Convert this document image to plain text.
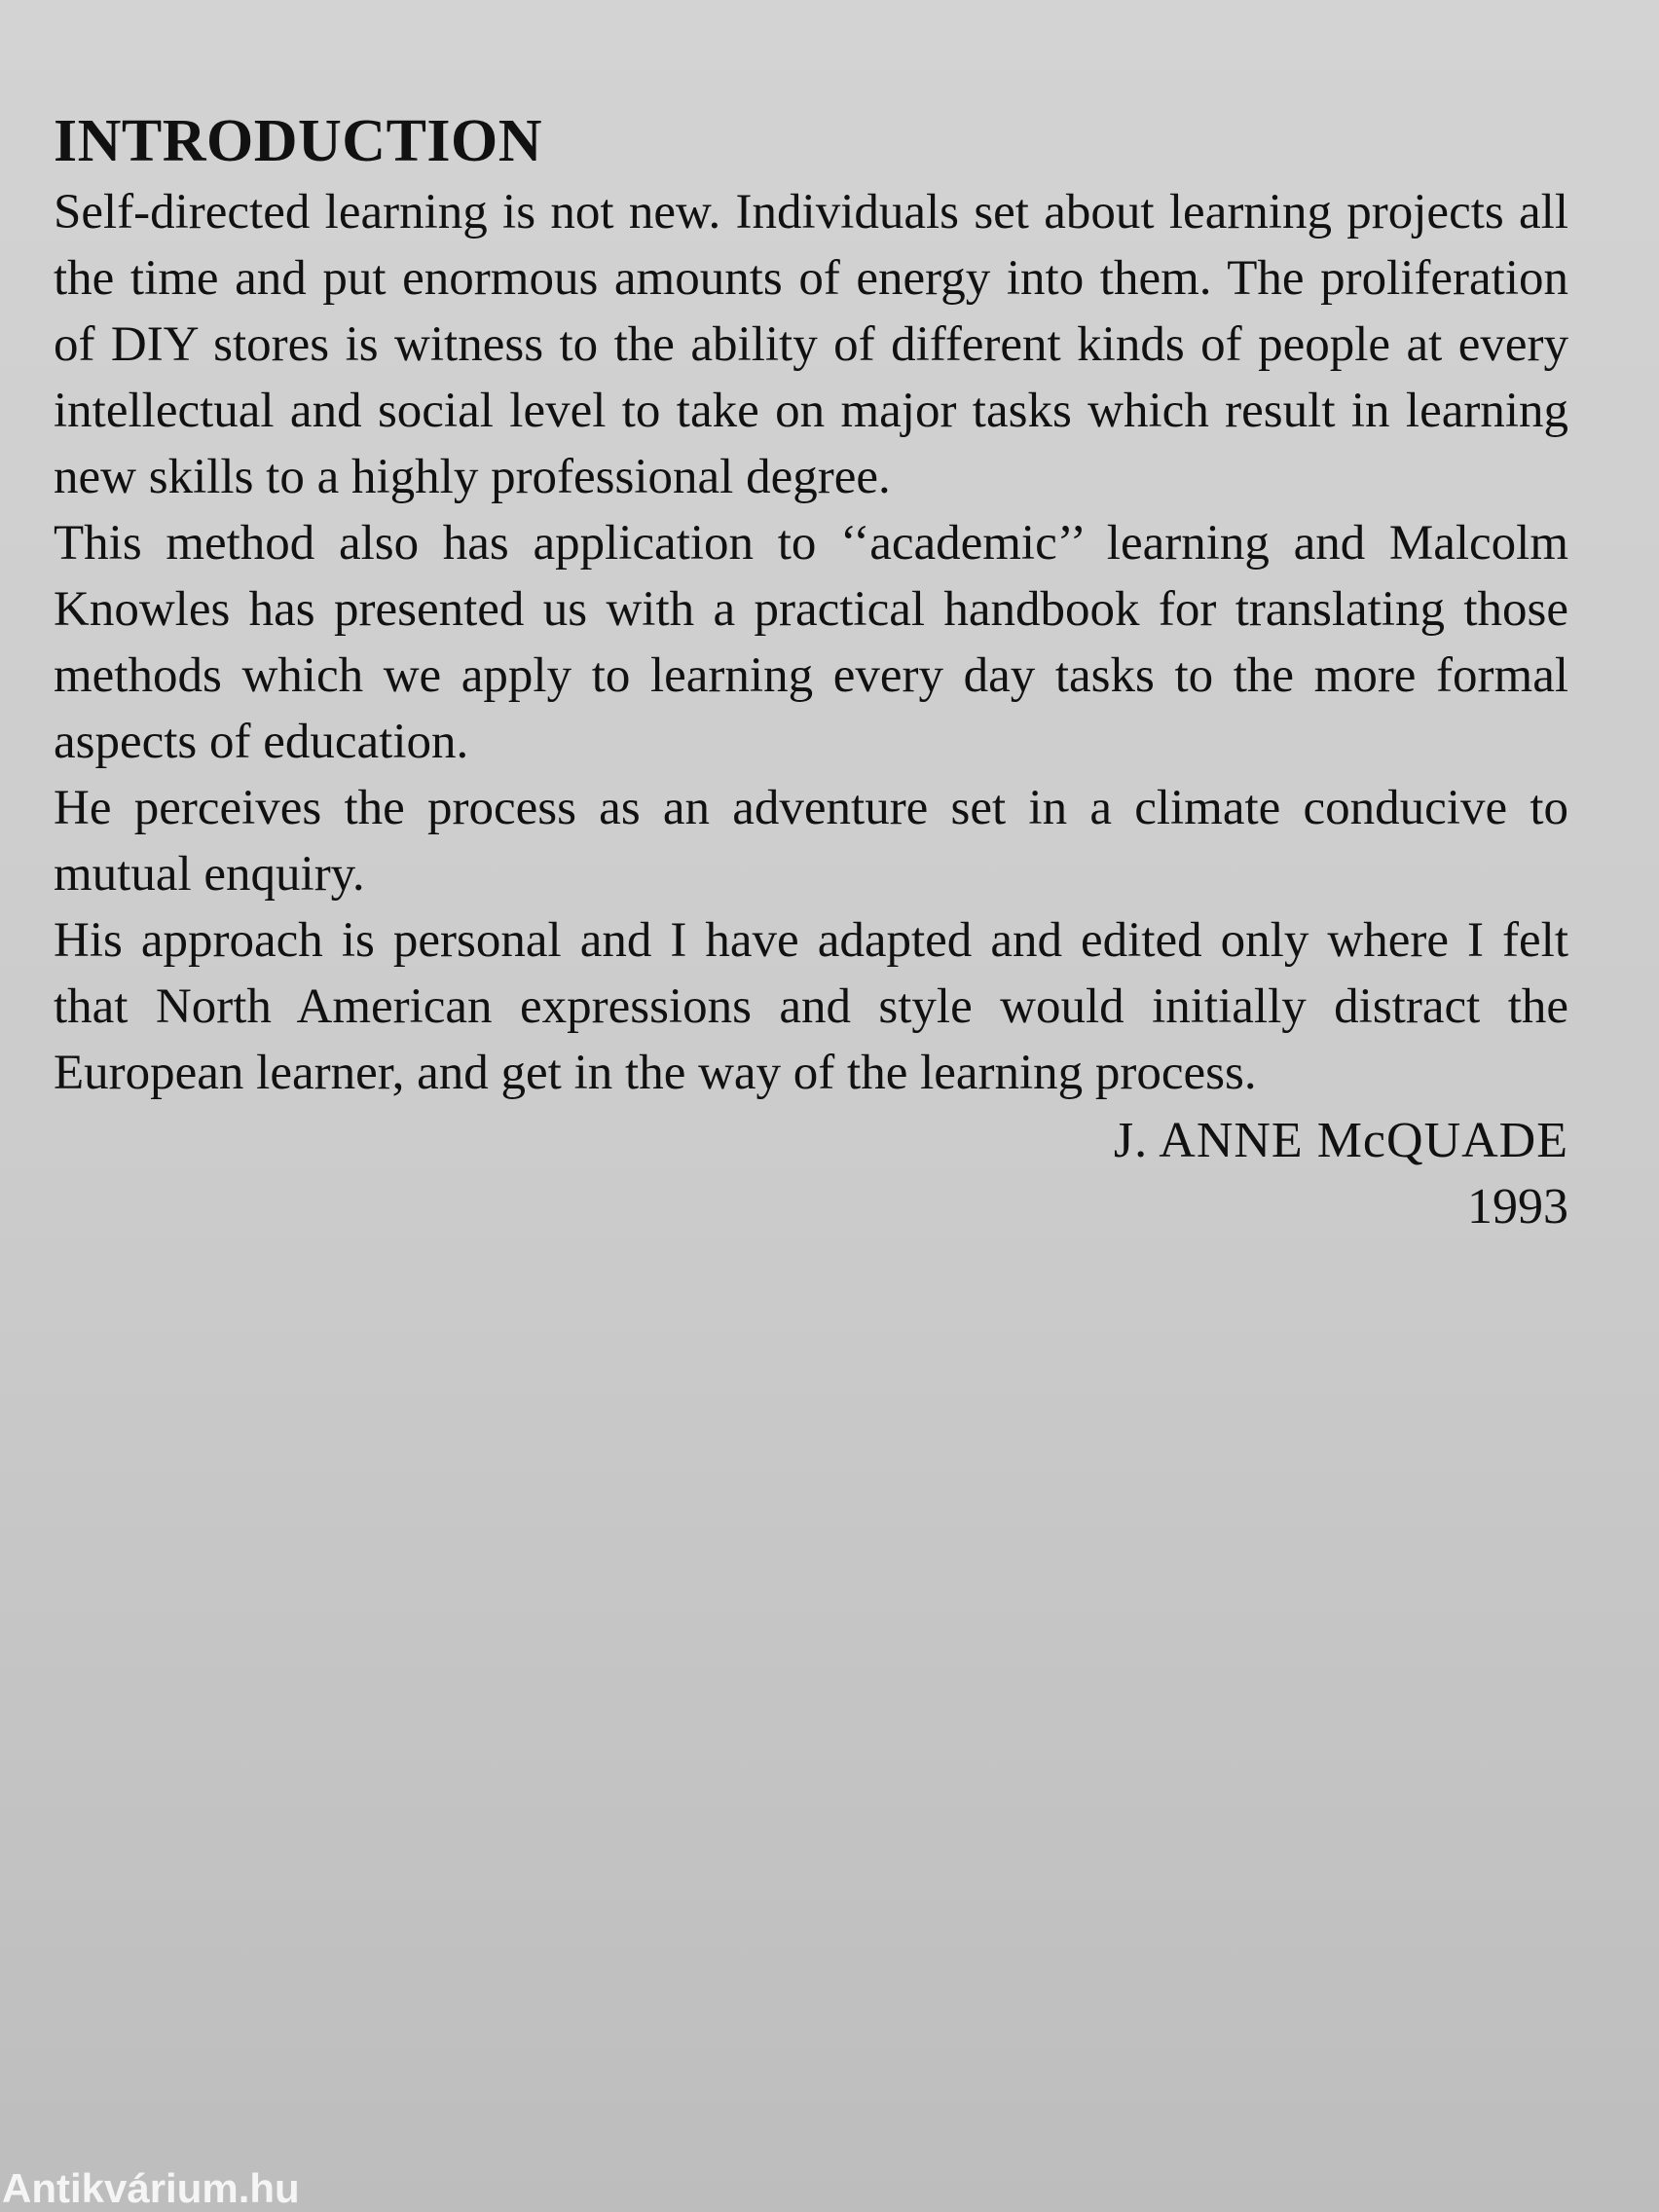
INTRODUCTION

Self-directed learning is not new. Individuals set about learning projects all the time and put enormous amounts of energy into them. The proliferation of DIY stores is witness to the ability of different kinds of people at every intellectual and social level to take on major tasks which result in learning new skills to a highly professional degree.

This method also has application to ‘‘academic’’ learning and Malcolm Knowles has presented us with a practical handbook for translating those methods which we apply to learning every day tasks to the more formal aspects of education.

He perceives the process as an adventure set in a climate conducive to mutual enquiry.

His approach is personal and I have adapted and edited only where I felt that North American expressions and style would initially distract the European learner, and get in the way of the learning process.

J. ANNE McQUADE
1993
Antikvárium.hu
